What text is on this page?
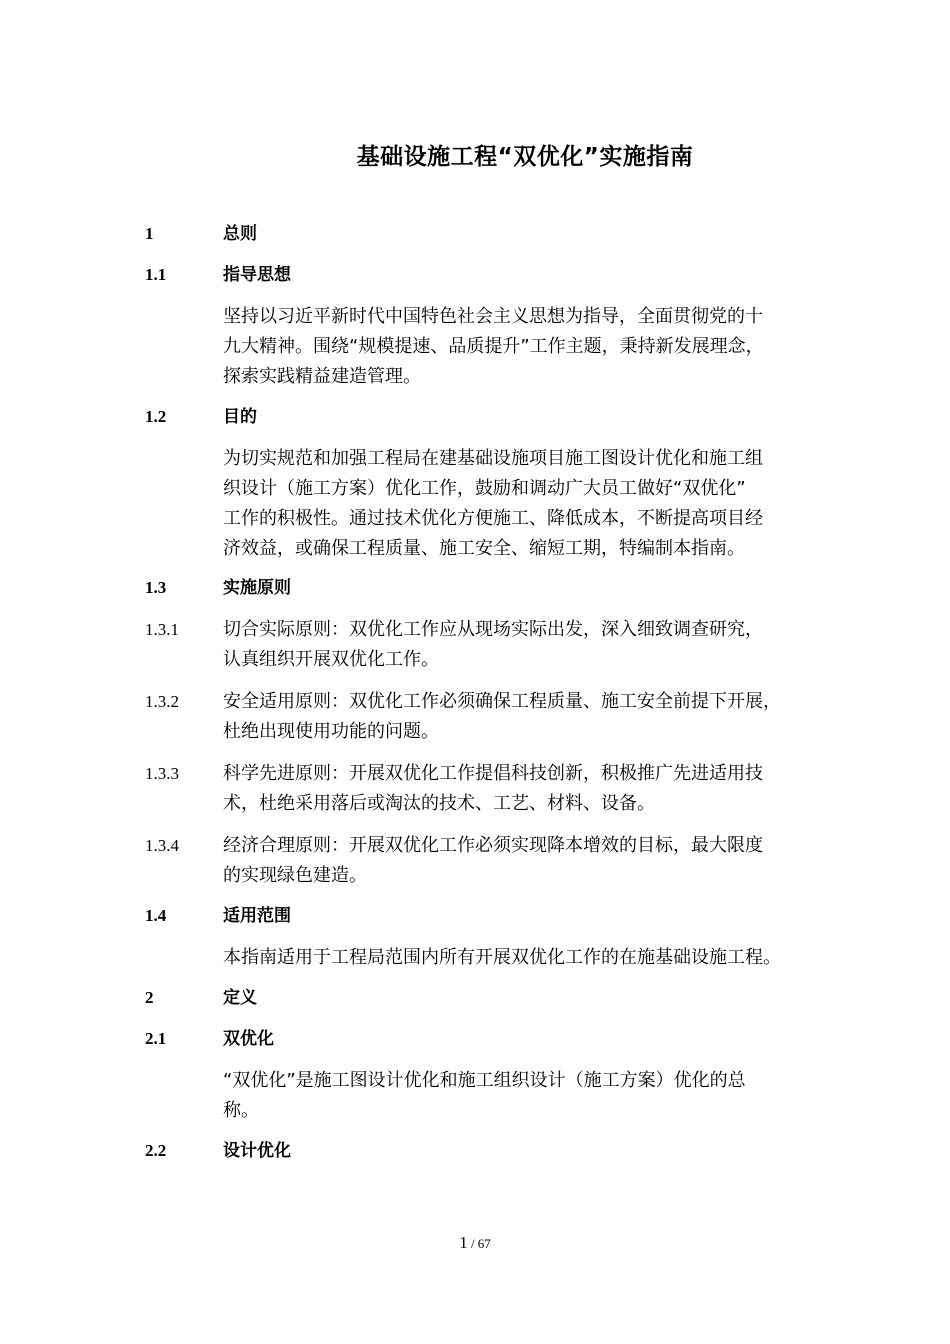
基础设施工程“双优化”实施指南
1	总则
1.1	指导思想
坚持以习近平新时代中国特色社会主义思想为指导，全面贯彻党的十
九大精神。围绕“规模提速、品质提升”工作主题，秉持新发展理念，
探索实践精益建造管理。
1.2	目的
为切实规范和加强工程局在建基础设施项目施工图设计优化和施工组
织设计（施工方案）优化工作，鼓励和调动广大员工做好“双优化”
工作的积极性。通过技术优化方便施工、降低成本，不断提高项目经
济效益，或确保工程质量、施工安全、缩短工期，特编制本指南。
1.3	实施原则
1.3.1 切合实际原则：双优化工作应从现场实际出发，深入细致调查研究，
认真组织开展双优化工作。
1.3.2 安全适用原则：双优化工作必须确保工程质量、施工安全前提下开展，
杜绝出现使用功能的问题。
1.3.3 科学先进原则：开展双优化工作提倡科技创新，积极推广先进适用技
术，杜绝采用落后或淘汰的技术、工艺、材料、设备。
1.3.4 经济合理原则：开展双优化工作必须实现降本增效的目标，最大限度
的实现绿色建造。
1.4	适用范围
本指南适用于工程局范围内所有开展双优化工作的在施基础设施工程。
2	定义
2.1	双优化
“双优化”是施工图设计优化和施工组织设计（施工方案）优化的总
称。
2.2	设计优化
1 / 67
